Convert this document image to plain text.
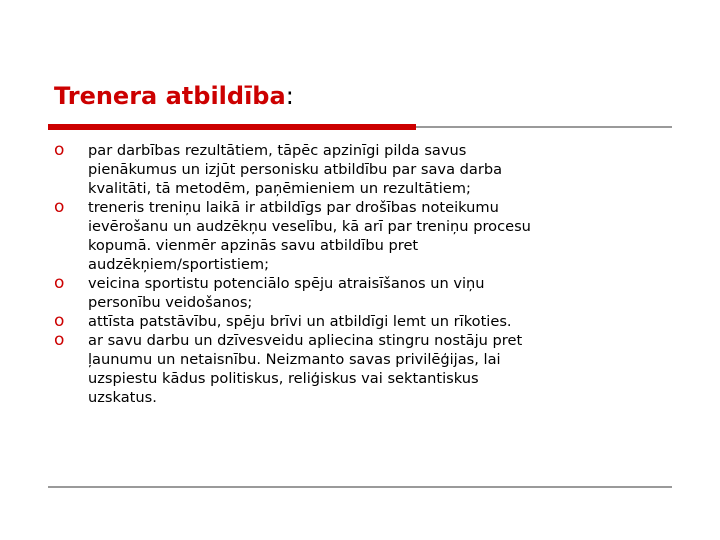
Trenera atbildība:
o par darbības rezultātiem, tāpēc apzinīgi pilda savus
pienākumus un izjūt personisku atbildību par sava darba
kvalitāti, tā metodēm, paņēmieniem un rezultātiem;
o treneris treniņu laikā ir atbildīgs par drošības noteikumu
ievērošanu un audzēkņu veselību, kā arī par treniņu procesu
kopumā. vienmēr apzinās savu atbildību pret
audzēkņiem/sportistiem;
o veicina sportistu potenciālo spēju atraisīšanos un viņu
personību veidošanos;
o attīsta patstāvību, spēju brīvi un atbildīgi lemt un rīkoties.
o ar savu darbu un dzīvesveidu apliecina stingru nostāju pret
ļaunumu un netaisnību. Neizmanto savas privilēģijas, lai
uzspiestu kādus politiskus, reliģiskus vai sektantiskus
uzskatus.
